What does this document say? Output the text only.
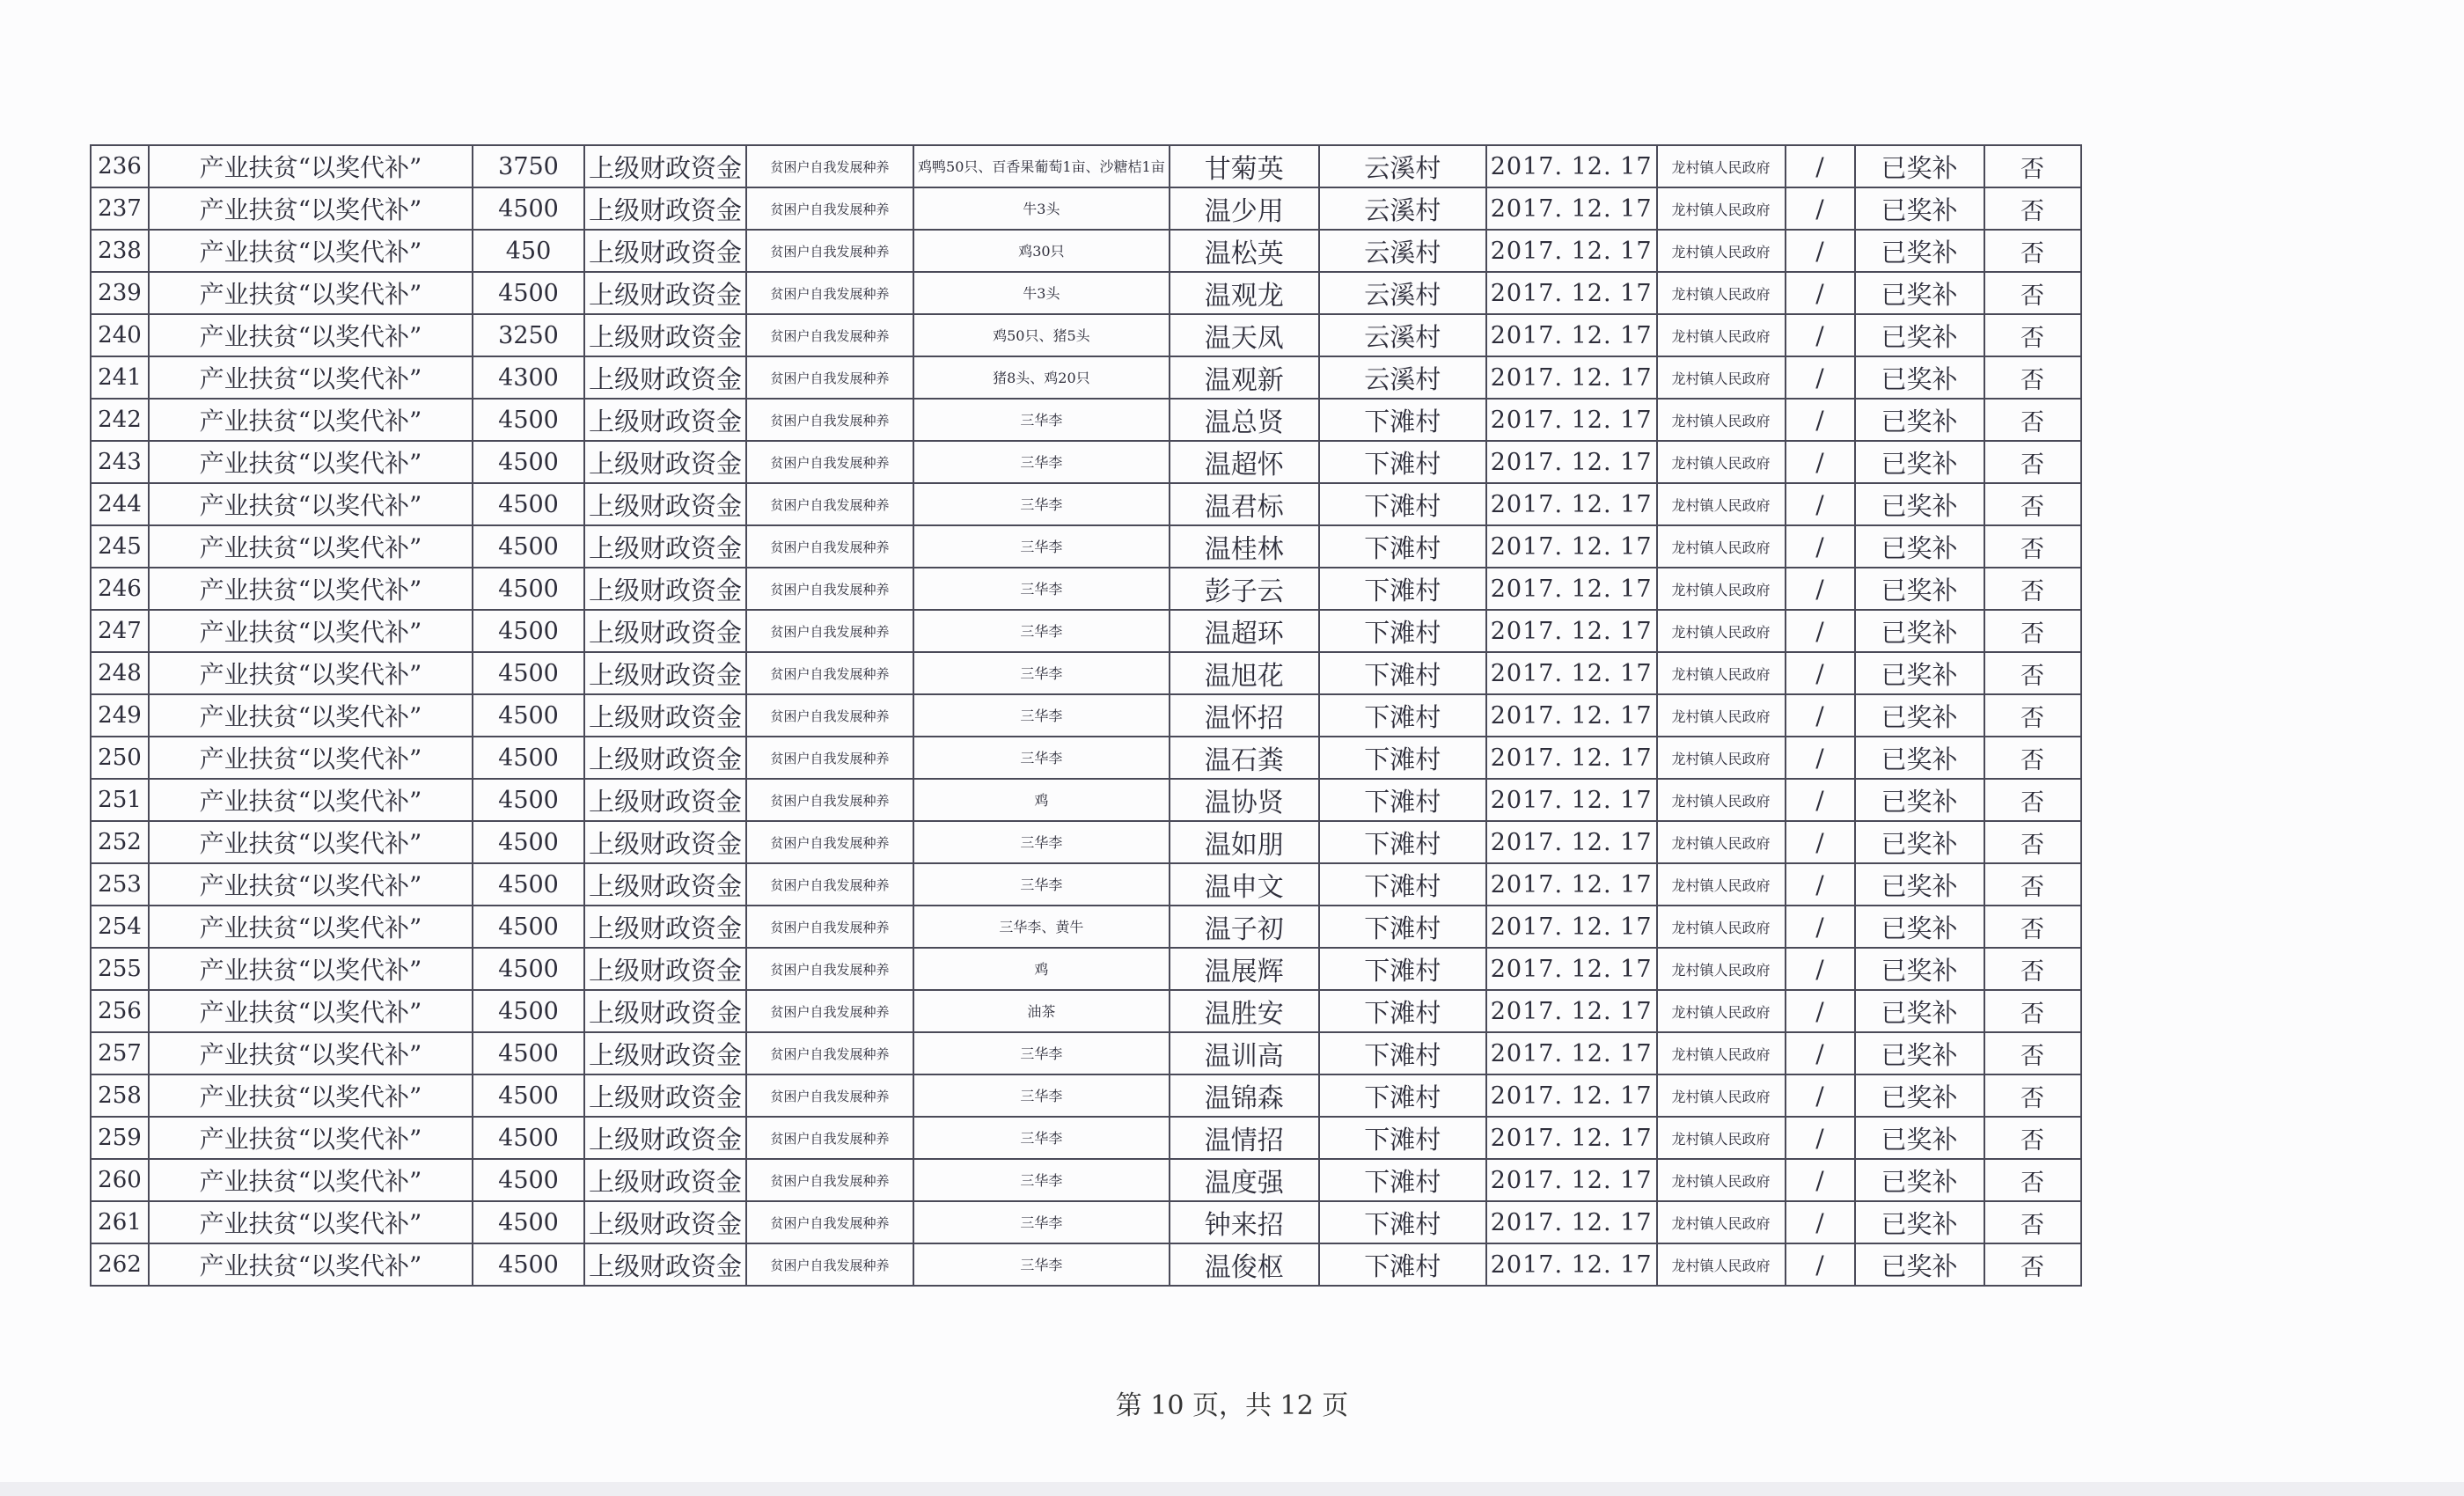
236	产业扶贫“以奖代补”	3750	上级财政资金	贫困户自我发展种养	鸡鸭50只、百香果葡萄1亩、沙糖桔1亩	甘菊英	云溪村	2017. 12. 17	龙村镇人民政府	/	已奖补	否
237	产业扶贫“以奖代补”	4500	上级财政资金	贫困户自我发展种养	牛3头	温少用	云溪村	2017. 12. 17	龙村镇人民政府	/	已奖补	否
238	产业扶贫“以奖代补”	450	上级财政资金	贫困户自我发展种养	鸡30只	温松英	云溪村	2017. 12. 17	龙村镇人民政府	/	已奖补	否
239	产业扶贫“以奖代补”	4500	上级财政资金	贫困户自我发展种养	牛3头	温观龙	云溪村	2017. 12. 17	龙村镇人民政府	/	已奖补	否
240	产业扶贫“以奖代补”	3250	上级财政资金	贫困户自我发展种养	鸡50只、猪5头	温天凤	云溪村	2017. 12. 17	龙村镇人民政府	/	已奖补	否
241	产业扶贫“以奖代补”	4300	上级财政资金	贫困户自我发展种养	猪8头、鸡20只	温观新	云溪村	2017. 12. 17	龙村镇人民政府	/	已奖补	否
242	产业扶贫“以奖代补”	4500	上级财政资金	贫困户自我发展种养	三华李	温总贤	下滩村	2017. 12. 17	龙村镇人民政府	/	已奖补	否
243	产业扶贫“以奖代补”	4500	上级财政资金	贫困户自我发展种养	三华李	温超怀	下滩村	2017. 12. 17	龙村镇人民政府	/	已奖补	否
244	产业扶贫“以奖代补”	4500	上级财政资金	贫困户自我发展种养	三华李	温君标	下滩村	2017. 12. 17	龙村镇人民政府	/	已奖补	否
245	产业扶贫“以奖代补”	4500	上级财政资金	贫困户自我发展种养	三华李	温桂林	下滩村	2017. 12. 17	龙村镇人民政府	/	已奖补	否
246	产业扶贫“以奖代补”	4500	上级财政资金	贫困户自我发展种养	三华李	彭子云	下滩村	2017. 12. 17	龙村镇人民政府	/	已奖补	否
247	产业扶贫“以奖代补”	4500	上级财政资金	贫困户自我发展种养	三华李	温超环	下滩村	2017. 12. 17	龙村镇人民政府	/	已奖补	否
248	产业扶贫“以奖代补”	4500	上级财政资金	贫困户自我发展种养	三华李	温旭花	下滩村	2017. 12. 17	龙村镇人民政府	/	已奖补	否
249	产业扶贫“以奖代补”	4500	上级财政资金	贫困户自我发展种养	三华李	温怀招	下滩村	2017. 12. 17	龙村镇人民政府	/	已奖补	否
250	产业扶贫“以奖代补”	4500	上级财政资金	贫困户自我发展种养	三华李	温石粪	下滩村	2017. 12. 17	龙村镇人民政府	/	已奖补	否
251	产业扶贫“以奖代补”	4500	上级财政资金	贫困户自我发展种养	鸡	温协贤	下滩村	2017. 12. 17	龙村镇人民政府	/	已奖补	否
252	产业扶贫“以奖代补”	4500	上级财政资金	贫困户自我发展种养	三华李	温如朋	下滩村	2017. 12. 17	龙村镇人民政府	/	已奖补	否
253	产业扶贫“以奖代补”	4500	上级财政资金	贫困户自我发展种养	三华李	温申文	下滩村	2017. 12. 17	龙村镇人民政府	/	已奖补	否
254	产业扶贫“以奖代补”	4500	上级财政资金	贫困户自我发展种养	三华李、黄牛	温子初	下滩村	2017. 12. 17	龙村镇人民政府	/	已奖补	否
255	产业扶贫“以奖代补”	4500	上级财政资金	贫困户自我发展种养	鸡	温展辉	下滩村	2017. 12. 17	龙村镇人民政府	/	已奖补	否
256	产业扶贫“以奖代补”	4500	上级财政资金	贫困户自我发展种养	油茶	温胜安	下滩村	2017. 12. 17	龙村镇人民政府	/	已奖补	否
257	产业扶贫“以奖代补”	4500	上级财政资金	贫困户自我发展种养	三华李	温训高	下滩村	2017. 12. 17	龙村镇人民政府	/	已奖补	否
258	产业扶贫“以奖代补”	4500	上级财政资金	贫困户自我发展种养	三华李	温锦森	下滩村	2017. 12. 17	龙村镇人民政府	/	已奖补	否
259	产业扶贫“以奖代补”	4500	上级财政资金	贫困户自我发展种养	三华李	温情招	下滩村	2017. 12. 17	龙村镇人民政府	/	已奖补	否
260	产业扶贫“以奖代补”	4500	上级财政资金	贫困户自我发展种养	三华李	温度强	下滩村	2017. 12. 17	龙村镇人民政府	/	已奖补	否
261	产业扶贫“以奖代补”	4500	上级财政资金	贫困户自我发展种养	三华李	钟来招	下滩村	2017. 12. 17	龙村镇人民政府	/	已奖补	否
262	产业扶贫“以奖代补”	4500	上级财政资金	贫困户自我发展种养	三华李	温俊枢	下滩村	2017. 12. 17	龙村镇人民政府	/	已奖补	否
第 10 页，共 12 页
